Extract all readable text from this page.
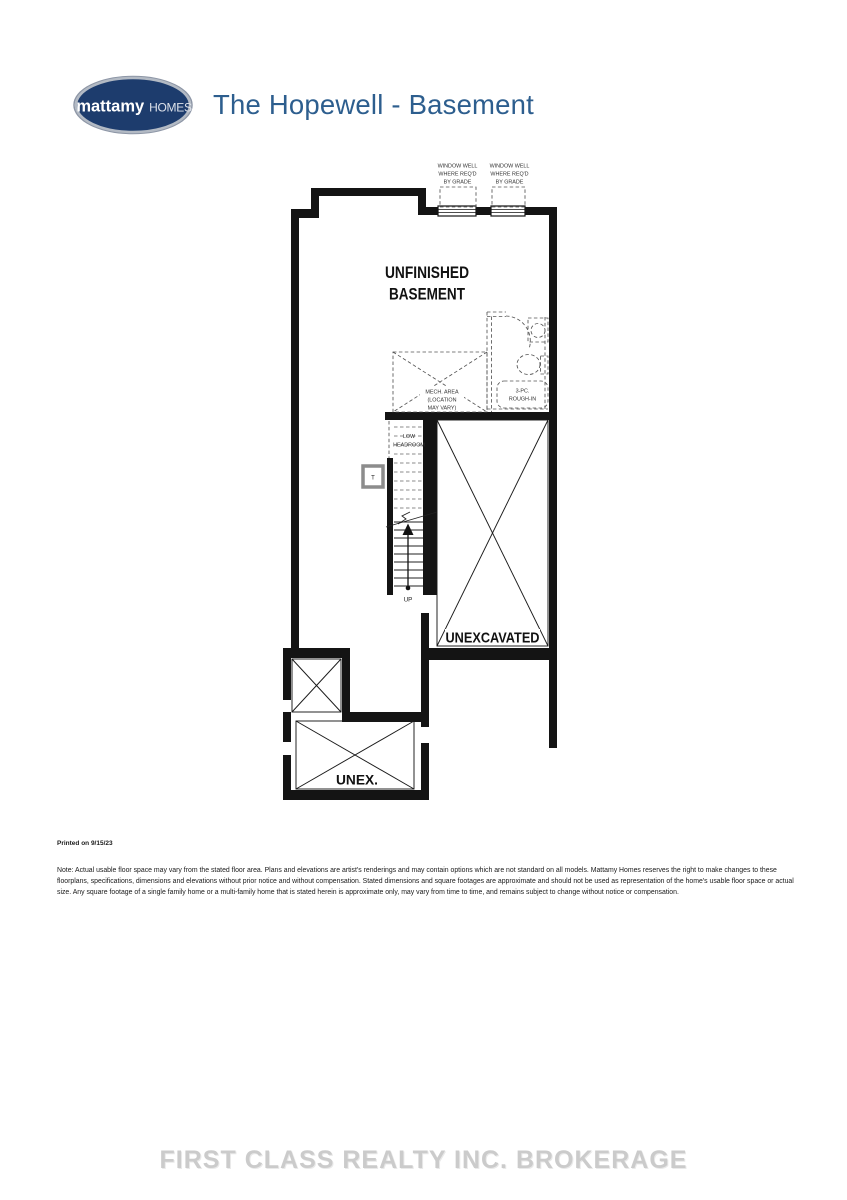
mattamy HOMES The Hopewell - Basement
WINDOW WELL
WHERE REQ'D
BY GRADE
WINDOW WELL
WHERE REQ'D
BY GRADE
UNFINISHED
BASEMENT
MECH. AREA
(LOCATION
MAY VARY)
3-PC.
ROUGH-IN
UP
LOW
HEADROOM
T
UNEXCAVATED
UNEX.
Printed on 9/15/23
Note: Actual usable floor space may vary from the stated floor area. Plans and elevations are artist's renderings and may contain options which are not standard on all models. Mattamy Homes reserves the right to make changes to these floorplans, specifications, dimensions and elevations without prior notice and without compensation. Stated dimensions and square footages are approximate and should not be used as representation of the home's usable floor space or actual size. Any square footage of a single family home or a multi-family home that is stated herein is approximate only, may vary from time to time, and remains subject to change without notice or compensation.
FIRST CLASS REALTY INC. BROKERAGE
